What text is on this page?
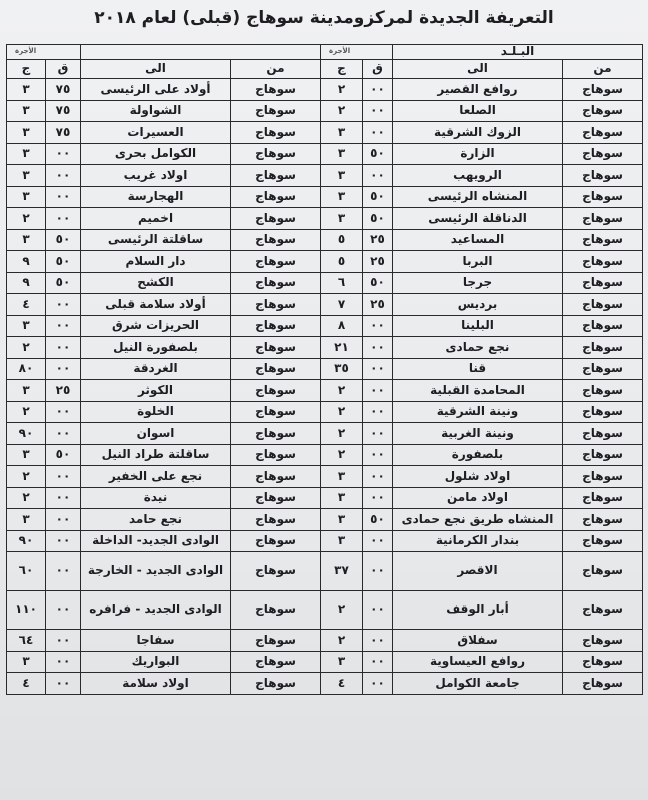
التعريفة الجديدة لمركزومدينة سوهاج (قبلى) لعام ٢٠١٨
البـلـد		الأجرة				الأجرة	
من	الى	ق	ج	من	الى	ق	ج
سوهاج	روافع القصير	٠٠	٢	سوهاج	أولاد على الرئيسى	٧٥	٣
سوهاج	الصلعا	٠٠	٢	سوهاج	الشواولة	٧٥	٣
سوهاج	الزوك الشرقية	٠٠	٣	سوهاج	العسيرات	٧٥	٣
سوهاج	الزارة	٥٠	٣	سوهاج	الكوامل بحرى	٠٠	٣
سوهاج	الرويهب	٠٠	٣	سوهاج	اولاد غريب	٠٠	٣
سوهاج	المنشاه الرئيسى	٥٠	٣	سوهاج	الهجارسة	٠٠	٣
سوهاج	الدناقلة الرئيسى	٥٠	٣	سوهاج	اخميم	٠٠	٢
سوهاج	المساعيد	٢٥	٥	سوهاج	ساقلتة الرئيسى	٥٠	٣
سوهاج	البربا	٢٥	٥	سوهاج	دار السلام	٥٠	٩
سوهاج	جرجا	٥٠	٦	سوهاج	الكشح	٥٠	٩
سوهاج	برديس	٢٥	٧	سوهاج	أولاد سلامة قبلى	٠٠	٤
سوهاج	البلينا	٠٠	٨	سوهاج	الحريزات شرق	٠٠	٣
سوهاج	نجع حمادى	٠٠	٢١	سوهاج	بلصفورة النيل	٠٠	٢
سوهاج	قنا	٠٠	٣٥	سوهاج	الغردقة	٠٠	٨٠
سوهاج	المحامدة القبلية	٠٠	٢	سوهاج	الكوثر	٢٥	٣
سوهاج	ونينة الشرقية	٠٠	٢	سوهاج	الخلوة	٠٠	٢
سوهاج	ونينة الغربية	٠٠	٢	سوهاج	اسوان	٠٠	٩٠
سوهاج	بلصفورة	٠٠	٢	سوهاج	ساقلتة طراد النيل	٥٠	٣
سوهاج	اولاد شلول	٠٠	٣	سوهاج	نجع على الخفير	٠٠	٢
سوهاج	اولاد مامن	٠٠	٣	سوهاج	نيدة	٠٠	٢
سوهاج	المنشاه طريق نجع حمادى	٥٠	٣	سوهاج	نجع حامد	٠٠	٣
سوهاج	بندار الكرمانية	٠٠	٣	سوهاج	الوادى الجديد- الداخلة	٠٠	٩٠
سوهاج	الاقصر	٠٠	٣٧	سوهاج	الوادى الجديد - الخارجة	٠٠	٦٠
سوهاج	أبار الوقف	٠٠	٢	سوهاج	الوادى الجديد - فرافره	٠٠	١١٠
سوهاج	سفلاق	٠٠	٢	سوهاج	سفاجا	٠٠	٦٤
سوهاج	روافع العيساوية	٠٠	٣	سوهاج	البواريك	٠٠	٣
سوهاج	جامعة الكوامل	٠٠	٤	سوهاج	اولاد سلامة	٠٠	٤
